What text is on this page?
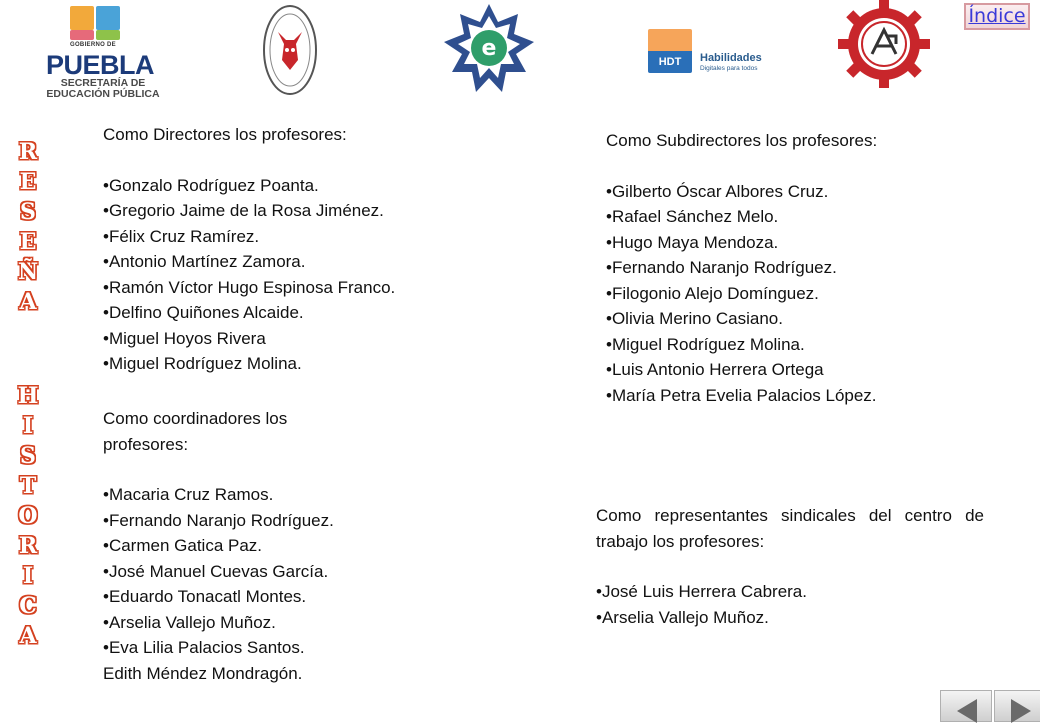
GOBIERNO DE
PUEBLA
SECRETARÍA DE EDUCACIÓN PÚBLICA
e
HDT	Habilidades
Digitales para todos
Índice
R
E
S
E
Ñ
A
H
I
S
T
O
R
I
C
A
Como Directores los profesores:
• Gonzalo Rodríguez Poanta.
• Gregorio Jaime de la Rosa Jiménez.
• Félix Cruz Ramírez.
• Antonio Martínez Zamora.
• Ramón Víctor Hugo Espinosa Franco.
• Delfino Quiñones Alcaide.
• Miguel Hoyos Rivera
• Miguel Rodríguez Molina.
Como coordinadores los profesores:
• Macaria Cruz Ramos.
• Fernando Naranjo Rodríguez.
• Carmen Gatica Paz.
• José Manuel Cuevas García.
• Eduardo Tonacatl Montes.
• Arselia Vallejo Muñoz.
• Eva Lilia Palacios Santos.
Edith Méndez Mondragón.
Como Subdirectores los profesores:
• Gilberto Óscar Albores Cruz.
• Rafael Sánchez Melo.
• Hugo Maya Mendoza.
• Fernando Naranjo Rodríguez.
• Filogonio Alejo Domínguez.
• Olivia Merino Casiano.
• Miguel Rodríguez Molina.
• Luis Antonio Herrera Ortega
• María Petra Evelia Palacios López.
Como representantes sindicales del centro de trabajo los profesores:
• José Luis Herrera Cabrera.
• Arselia Vallejo Muñoz.
